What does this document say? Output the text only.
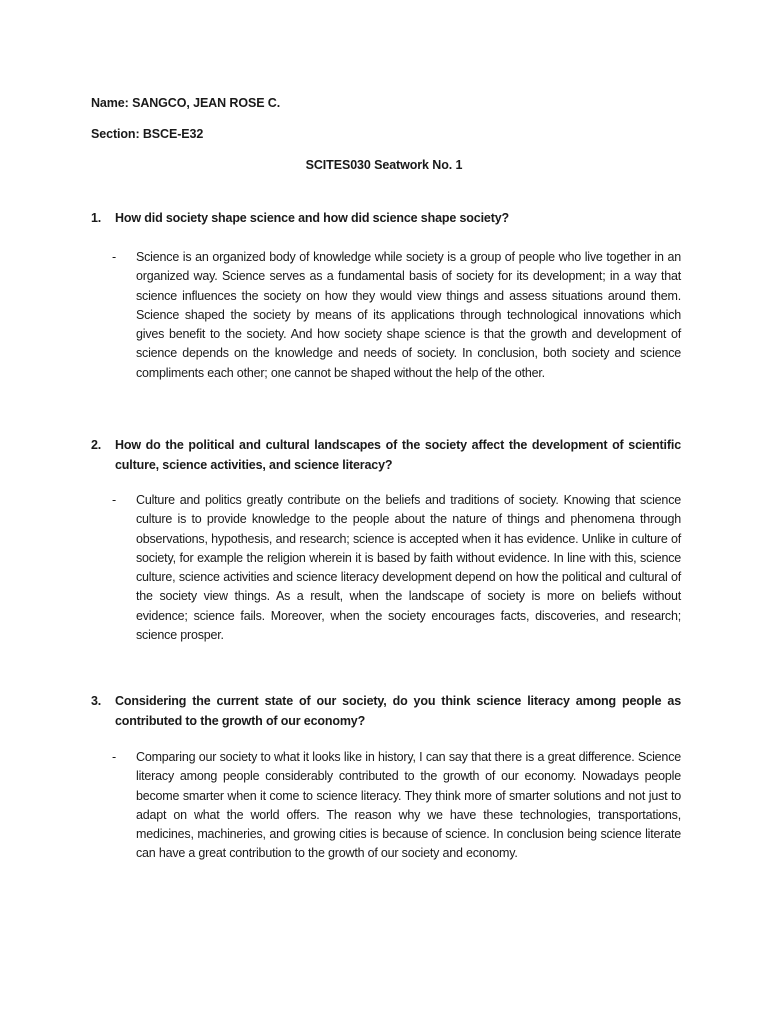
Name: SANGCO, JEAN ROSE C.
Section: BSCE-E32
SCITES030 Seatwork No. 1
1. How did society shape science and how did science shape society?
- Science is an organized body of knowledge while society is a group of people who live together in an organized way. Science serves as a fundamental basis of society for its development; in a way that science influences the society on how they would view things and assess situations around them. Science shaped the society by means of its applications through technological innovations which gives benefit to the society. And how society shape science is that the growth and development of science depends on the knowledge and needs of society. In conclusion, both society and science compliments each other; one cannot be shaped without the help of the other.
2. How do the political and cultural landscapes of the society affect the development of scientific culture, science activities, and science literacy?
- Culture and politics greatly contribute on the beliefs and traditions of society. Knowing that science culture is to provide knowledge to the people about the nature of things and phenomena through observations, hypothesis, and research; science is accepted when it has evidence. Unlike in culture of society, for example the religion wherein it is based by faith without evidence. In line with this, science culture, science activities and science literacy development depend on how the political and cultural of the society view things. As a result, when the landscape of society is more on beliefs without evidence; science fails. Moreover, when the society encourages facts, discoveries, and research; science prosper.
3. Considering the current state of our society, do you think science literacy among people as contributed to the growth of our economy?
- Comparing our society to what it looks like in history, I can say that there is a great difference. Science literacy among people considerably contributed to the growth of our economy. Nowadays people become smarter when it come to science literacy. They think more of smarter solutions and not just to adapt on what the world offers. The reason why we have these technologies, transportations, medicines, machineries, and growing cities is because of science. In conclusion being science literate can have a great contribution to the growth of our society and economy.
